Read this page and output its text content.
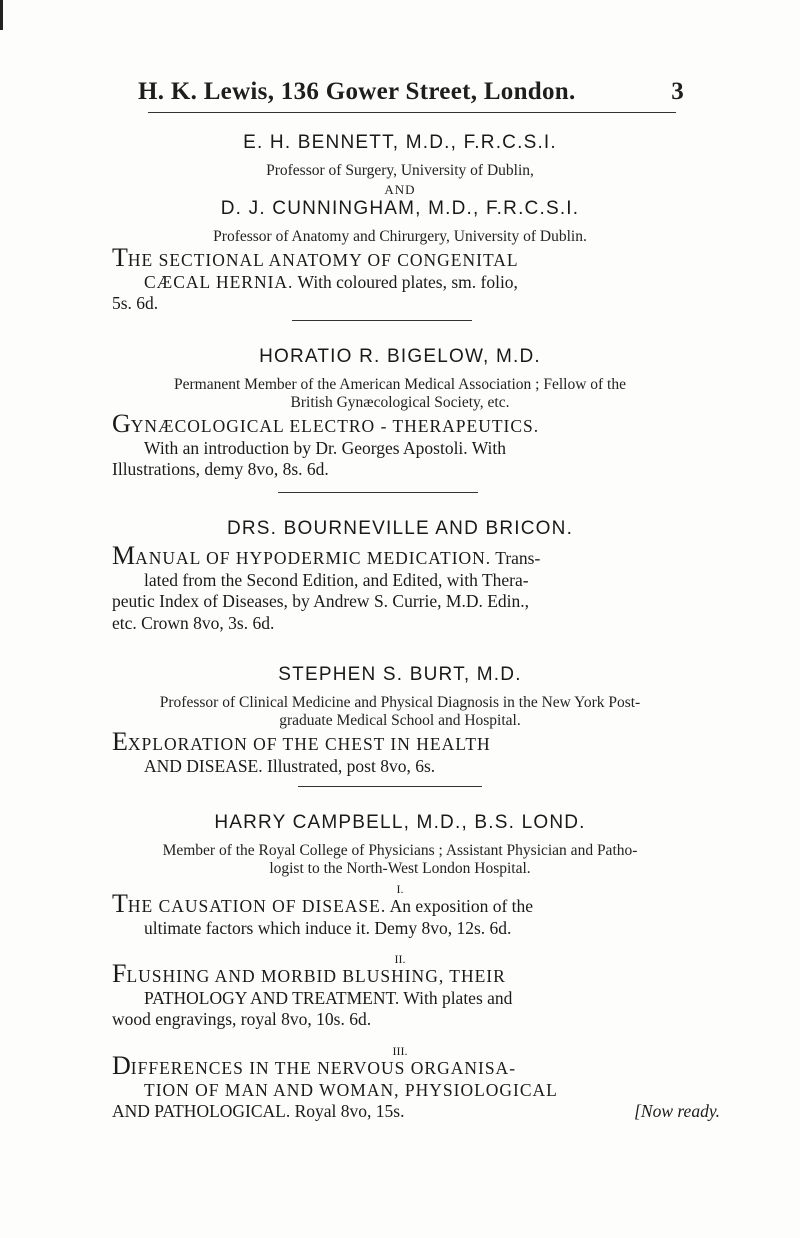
H. K. Lewis, 136 Gower Street, London.	3
E. H. BENNETT, M.D., F.R.C.S.I.
Professor of Surgery, University of Dublin,
AND
D. J. CUNNINGHAM, M.D., F.R.C.S.I.
Professor of Anatomy and Chirurgery, University of Dublin.
THE SECTIONAL ANATOMY OF CONGENITAL
CÆCAL HERNIA. With coloured plates, sm. folio,
5s. 6d.
HORATIO R. BIGELOW, M.D.
Permanent Member of the American Medical Association ; Fellow of the
British Gynæcological Society, etc.
GYNÆCOLOGICAL ELECTRO - THERAPEUTICS.
With an introduction by Dr. Georges Apostoli. With
Illustrations, demy 8vo, 8s. 6d.
DRS. BOURNEVILLE AND BRICON.
MANUAL OF HYPODERMIC MEDICATION. Trans-
lated from the Second Edition, and Edited, with Thera-
peutic Index of Diseases, by Andrew S. Currie, M.D. Edin.,
etc. Crown 8vo, 3s. 6d.
STEPHEN S. BURT, M.D.
Professor of Clinical Medicine and Physical Diagnosis in the New York Post-
graduate Medical School and Hospital.
EXPLORATION OF THE CHEST IN HEALTH
AND DISEASE. Illustrated, post 8vo, 6s.
HARRY CAMPBELL, M.D., B.S. LOND.
Member of the Royal College of Physicians ; Assistant Physician and Patho-
logist to the North-West London Hospital.
I.
THE CAUSATION OF DISEASE. An exposition of the
ultimate factors which induce it. Demy 8vo, 12s. 6d.
II.
FLUSHING AND MORBID BLUSHING, THEIR
PATHOLOGY AND TREATMENT. With plates and
wood engravings, royal 8vo, 10s. 6d.
III.
DIFFERENCES IN THE NERVOUS ORGANISA-
TION OF MAN AND WOMAN, PHYSIOLOGICAL
AND PATHOLOGICAL. Royal 8vo, 15s.	[Now ready.
